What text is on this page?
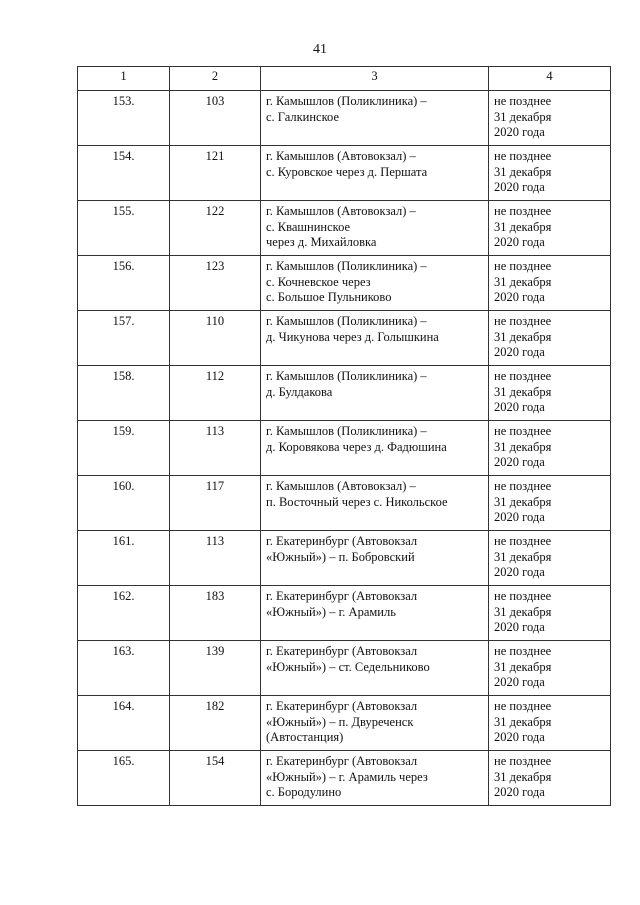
41
1	2	3	4
153.	103	г. Камышлов (Поликлиника) –
с. Галкинское	не позднее
31 декабря
2020 года

154.	121	г. Камышлов (Автовокзал) –
с. Куровское через д. Першата	не позднее
31 декабря
2020 года

155.	122	г. Камышлов (Автовокзал) –
с. Квашнинское
через д. Михайловка	не позднее
31 декабря
2020 года

156.	123	г. Камышлов (Поликлиника) –
с. Кочневское через
с. Большое Пульниково	не позднее
31 декабря
2020 года

157.	110	г. Камышлов (Поликлиника) –
д. Чикунова через д. Голышкина	не позднее
31 декабря
2020 года

158.	112	г. Камышлов (Поликлиника) –
д. Булдакова	не позднее
31 декабря
2020 года

159.	113	г. Камышлов (Поликлиника) –
д. Коровякова через д. Фадюшина	не позднее
31 декабря
2020 года

160.	117	г. Камышлов (Автовокзал) –
п. Восточный через с. Никольское	не позднее
31 декабря
2020 года

161.	113	г. Екатеринбург (Автовокзал
«Южный») – п. Бобровский	не позднее
31 декабря
2020 года

162.	183	г. Екатеринбург (Автовокзал
«Южный») – г. Арамиль	не позднее
31 декабря
2020 года

163.	139	г. Екатеринбург (Автовокзал
«Южный») – ст. Седельниково	не позднее
31 декабря
2020 года

164.	182	г. Екатеринбург (Автовокзал
«Южный») – п. Двуреченск
(Автостанция)	не позднее
31 декабря
2020 года

165.	154	г. Екатеринбург (Автовокзал
«Южный») – г. Арамиль через
с. Бородулино	не позднее
31 декабря
2020 года
